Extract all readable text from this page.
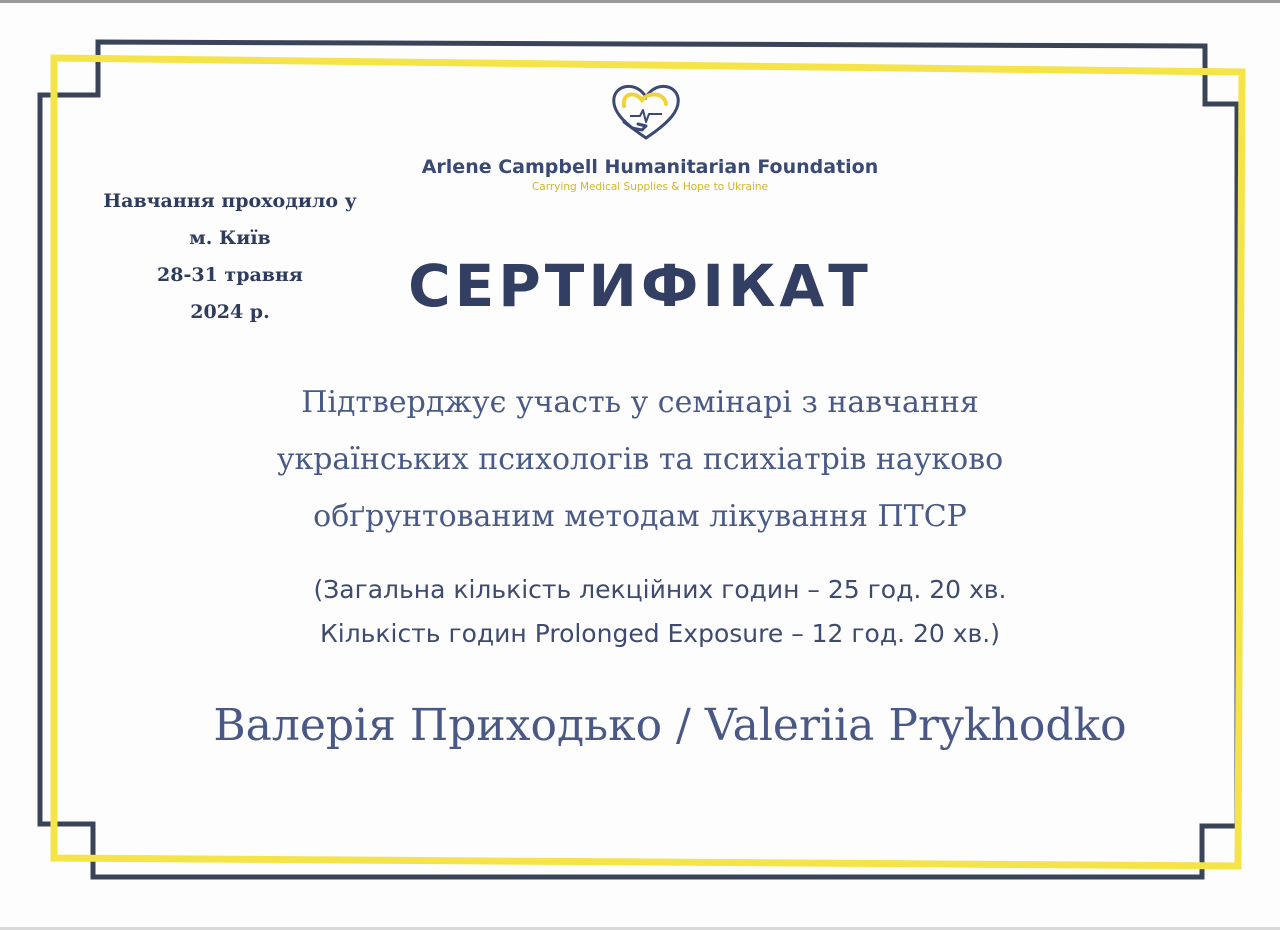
Arlene Campbell Humanitarian Foundation
Carrying Medical Supplies & Hope to Ukraine
Навчання проходило у
м. Київ
28-31 травня
2024 р.	СЕРТИФІКАТ
Підтверджує участь у семінарі з навчання
українських психологів та психіатрів науково
обґрунтованим методам лікування ПТСР
(Загальна кількість лекційних годин – 25 год. 20 хв.
Кількість годин Prolonged Exposure – 12 год. 20 хв.)
Валерія Приходько / Valeriia Prykhodko
